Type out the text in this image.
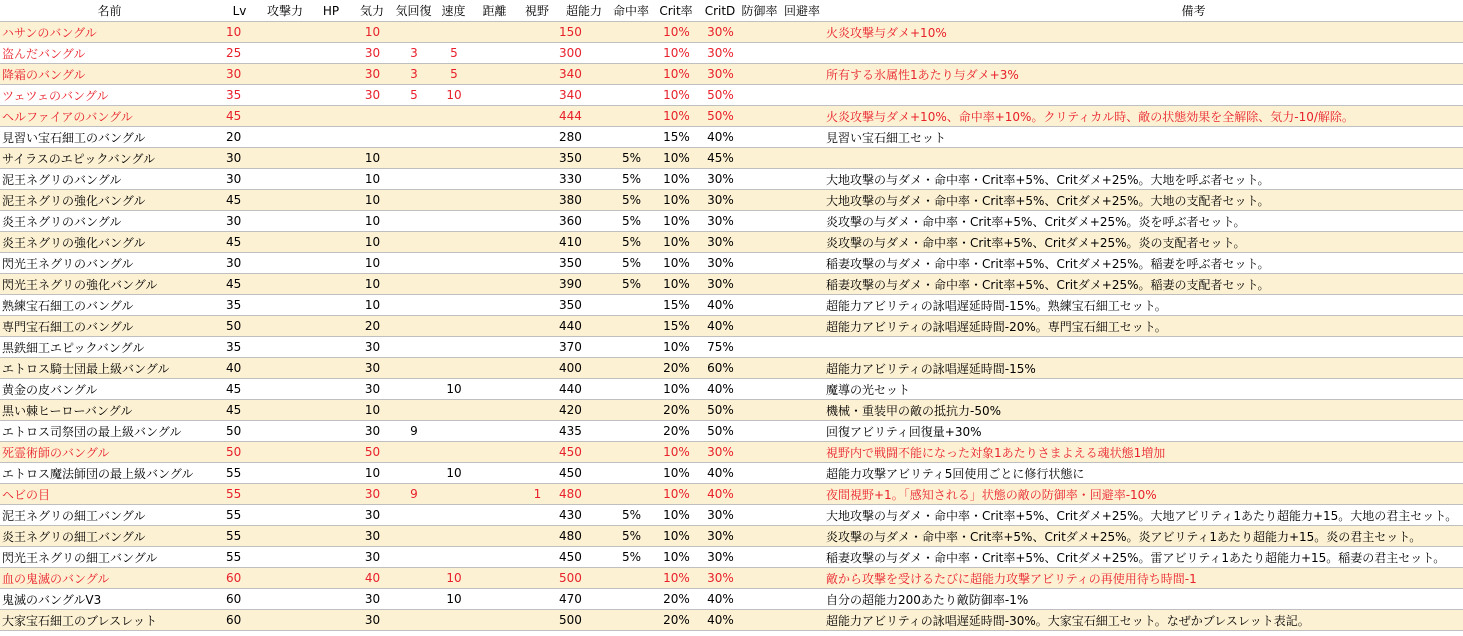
名前	Lv	攻撃力	HP	気力	気回復	速度	距離	視野	超能力	命中率	Crit率	CritD	防御率	回避率	備考
ハサンのバングル	10			10					150		10%	30%			火炎攻撃与ダメ+10%
盗んだバングル	25			30	3	5			300		10%	30%			
降霜のバングル	30			30	3	5			340		10%	30%			所有する氷属性1あたり与ダメ+3%
ツェツェのバングル	35			30	5	10			340		10%	50%			
ヘルファイアのバングル	45								444		10%	50%			火炎攻撃与ダメ+10%、命中率+10%。クリティカル時、敵の状態効果を全解除、気力-10/解除。
見習い宝石細工のバングル	20								280		15%	40%			見習い宝石細工セット
サイラスのエピックバングル	30			10					350	5%	10%	45%			
泥王ネグリのバングル	30			10					330	5%	10%	30%			大地攻撃の与ダメ・命中率・Crit率+5%、Critダメ+25%。大地を呼ぶ者セット。
泥王ネグリの強化バングル	45			10					380	5%	10%	30%			大地攻撃の与ダメ・命中率・Crit率+5%、Critダメ+25%。大地の支配者セット。
炎王ネグリのバングル	30			10					360	5%	10%	30%			炎攻撃の与ダメ・命中率・Crit率+5%、Critダメ+25%。炎を呼ぶ者セット。
炎王ネグリの強化バングル	45			10					410	5%	10%	30%			炎攻撃の与ダメ・命中率・Crit率+5%、Critダメ+25%。炎の支配者セット。
閃光王ネグリのバングル	30			10					350	5%	10%	30%			稲妻攻撃の与ダメ・命中率・Crit率+5%、Critダメ+25%。稲妻を呼ぶ者セット。
閃光王ネグリの強化バングル	45			10					390	5%	10%	30%			稲妻攻撃の与ダメ・命中率・Crit率+5%、Critダメ+25%。稲妻の支配者セット。
熟練宝石細工のバングル	35			10					350		15%	40%			超能力アビリティの詠唱遅延時間-15%。熟練宝石細工セット。
専門宝石細工のバングル	50			20					440		15%	40%			超能力アビリティの詠唱遅延時間-20%。専門宝石細工セット。
黒鉄細工エピックバングル	35			30					370		10%	75%			
エトロス騎士団最上級バングル	40			30					400		20%	60%			超能力アビリティの詠唱遅延時間-15%
黄金の皮バングル	45			30		10			440		10%	40%			魔導の光セット
黒い棘ヒーローバングル	45			10					420		20%	50%			機械・重装甲の敵の抵抗力-50%
エトロス司祭団の最上級バングル	50			30	9				435		20%	50%			回復アビリティ回復量+30%
死霊術師のバングル	50			50					450		10%	30%			視野内で戦闘不能になった対象1あたりさまよえる魂状態1増加
エトロス魔法師団の最上級バングル	55			10		10			450		10%	40%			超能力攻撃アビリティ5回使用ごとに修行状態に
ヘビの目	55			30	9			1	480		10%	40%			夜間視野+1。「感知される」状態の敵の防御率・回避率-10%
泥王ネグリの細工バングル	55			30					430	5%	10%	30%			大地攻撃の与ダメ・命中率・Crit率+5%、Critダメ+25%。大地アビリティ1あたり超能力+15。大地の君主セット。
炎王ネグリの細工バングル	55			30					480	5%	10%	30%			炎攻撃の与ダメ・命中率・Crit率+5%、Critダメ+25%。炎アビリティ1あたり超能力+15。炎の君主セット。
閃光王ネグリの細工バングル	55			30					450	5%	10%	30%			稲妻攻撃の与ダメ・命中率・Crit率+5%、Critダメ+25%。雷アビリティ1あたり超能力+15。稲妻の君主セット。
血の鬼滅のバングル	60			40		10			500		10%	30%			敵から攻撃を受けるたびに超能力攻撃アビリティの再使用待ち時間-1
鬼滅のバングルV3	60			30		10			470		20%	40%			自分の超能力200あたり敵防御率-1%
大家宝石細工のブレスレット	60			30					500		20%	40%			超能力アビリティの詠唱遅延時間-30%。大家宝石細工セット。なぜかブレスレット表記。
